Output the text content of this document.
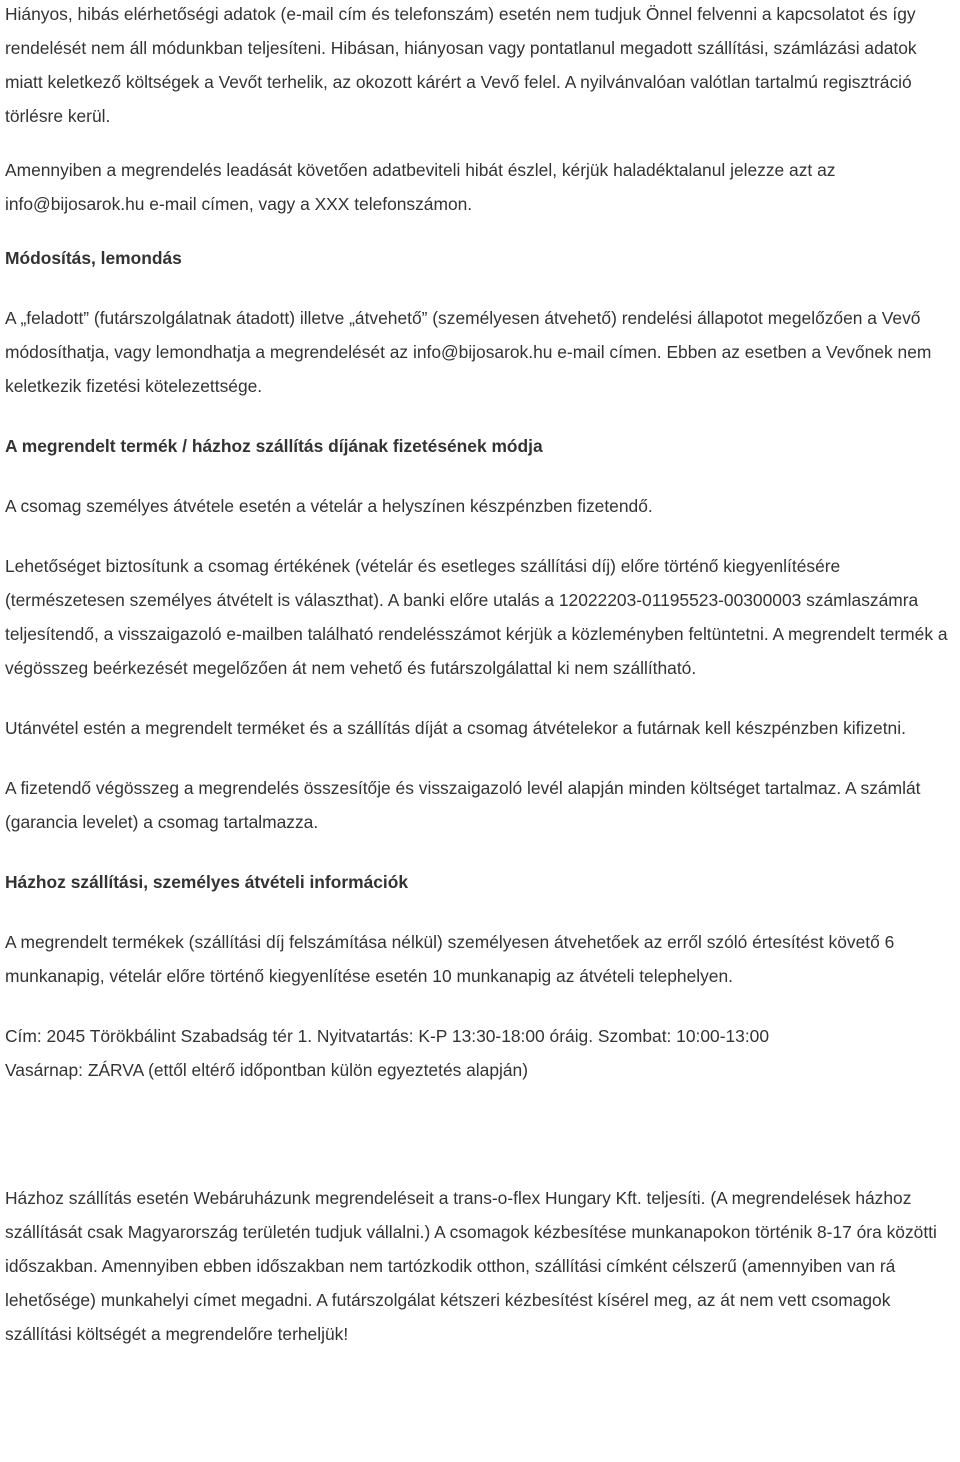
Hiányos, hibás elérhetőségi adatok (e-mail cím és telefonszám) esetén nem tudjuk Önnel felvenni a kapcsolatot és így rendelését nem áll módunkban teljesíteni. Hibásan, hiányosan vagy pontatlanul megadott szállítási, számlázási adatok miatt keletkező költségek a Vevőt terhelik, az okozott kárért a Vevő felel. A nyilvánvalóan valótlan tartalmú regisztráció törlésre kerül.

Amennyiben a megrendelés leadását követően adatbeviteli hibát észlel, kérjük haladéktalanul jelezze azt az info@bijosarok.hu e-mail címen, vagy a XXX telefonszámon.

Módosítás, lemondás

A „feladott” (futárszolgálatnak átadott) illetve „átvehető” (személyesen átvehető) rendelési állapotot megelőzően a Vevő módosíthatja, vagy lemondhatja a megrendelését az info@bijosarok.hu e-mail címen. Ebben az esetben a Vevőnek nem keletkezik fizetési kötelezettsége.

A megrendelt termék / házhoz szállítás díjának fizetésének módja

A csomag személyes átvétele esetén a vételár a helyszínen készpénzben fizetendő.

Lehetőséget biztosítunk a csomag értékének (vételár és esetleges szállítási díj) előre történő kiegyenlítésére (természetesen személyes átvételt is választhat). A banki előre utalás a 12022203-01195523-00300003 számlaszámra teljesítendő, a visszaigazoló e-mailben található rendelésszámot kérjük a közleményben feltüntetni. A megrendelt termék a végösszeg beérkezését megelőzően át nem vehető és futárszolgálattal ki nem szállítható.

Utánvétel estén a megrendelt terméket és a szállítás díját a csomag átvételekor a futárnak kell készpénzben kifizetni.

A fizetendő végösszeg a megrendelés összesítője és visszaigazoló levél alapján minden költséget tartalmaz. A számlát (garancia levelet) a csomag tartalmazza.

Házhoz szállítási, személyes átvételi információk

A megrendelt termékek (szállítási díj felszámítása nélkül) személyesen átvehetőek az erről szóló értesítést követő 6 munkanapig, vételár előre történő kiegyenlítése esetén 10 munkanapig az átvételi telephelyen.

Cím: 2045 Törökbálint Szabadság tér 1. Nyitvatartás: K-P 13:30-18:00 óráig. Szombat: 10:00-13:00
Vasárnap: ZÁRVA (ettől eltérő időpontban külön egyeztetés alapján)

Házhoz szállítás esetén Webáruházunk megrendeléseit a trans-o-flex Hungary Kft. teljesíti. (A megrendelések házhoz szállítását csak Magyarország területén tudjuk vállalni.) A csomagok kézbesítése munkanapokon történik 8-17 óra közötti időszakban. Amennyiben ebben időszakban nem tartózkodik otthon, szállítási címként célszerű (amennyiben van rá lehetősége) munkahelyi címet megadni. A futárszolgálat kétszeri kézbesítést kísérel meg, az át nem vett csomagok szállítási költségét a megrendelőre terheljük!
